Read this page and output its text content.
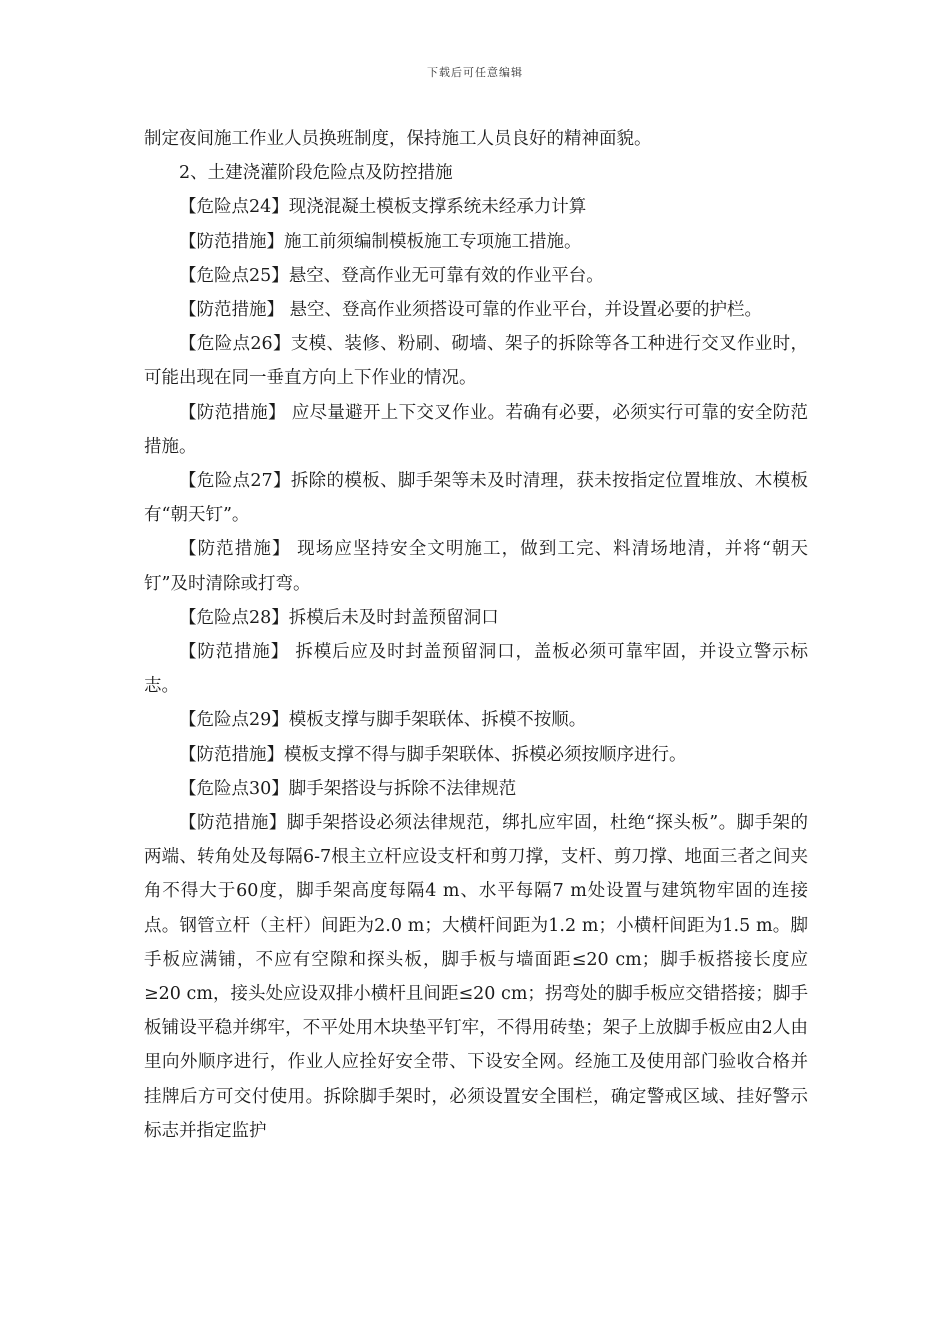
下载后可任意编辑

制定夜间施工作业人员换班制度，保持施工人员良好的精神面貌。

2、土建浇灌阶段危险点及防控措施

【危险点24】现浇混凝土模板支撑系统未经承力计算

【防范措施】施工前须编制模板施工专项施工措施。

【危险点25】悬空、登高作业无可靠有效的作业平台。

【防范措施】 悬空、登高作业须搭设可靠的作业平台，并设置必要的护栏。

【危险点26】支模、装修、粉刷、砌墙、架子的拆除等各工种进行交叉作业时，可能出现在同一垂直方向上下作业的情况。

【防范措施】 应尽量避开上下交叉作业。若确有必要，必须实行可靠的安全防范措施。

【危险点27】拆除的模板、脚手架等未及时清理，获未按指定位置堆放、木模板有“朝天钉”。

【防范措施】 现场应坚持安全文明施工，做到工完、料清场地清，并将“朝天钉”及时清除或打弯。

【危险点28】拆模后未及时封盖预留洞口

【防范措施】 拆模后应及时封盖预留洞口，盖板必须可靠牢固，并设立警示标志。

【危险点29】模板支撑与脚手架联体、拆模不按顺。

【防范措施】模板支撑不得与脚手架联体、拆模必须按顺序进行。

【危险点30】脚手架搭设与拆除不法律规范

【防范措施】脚手架搭设必须法律规范，绑扎应牢固，杜绝“探头板”。脚手架的两端、转角处及每隔6-7根主立杆应设支杆和剪刀撑，支杆、剪刀撑、地面三者之间夹角不得大于60度，脚手架高度每隔4 m、水平每隔7 m处设置与建筑物牢固的连接点。钢管立杆（主杆）间距为2.0 m；大横杆间距为1.2 m；小横杆间距为1.5 m。脚手板应满铺，不应有空隙和探头板，脚手板与墙面距≤20 cm；脚手板搭接长度应≥20 cm，接头处应设双排小横杆且间距≤20 cm；拐弯处的脚手板应交错搭接；脚手板铺设平稳并绑牢，不平处用木块垫平钉牢，不得用砖垫；架子上放脚手板应由2人由里向外顺序进行，作业人应拴好安全带、下设安全网。经施工及使用部门验收合格并挂牌后方可交付使用。拆除脚手架时，必须设置安全围栏，确定警戒区域、挂好警示标志并指定监护
